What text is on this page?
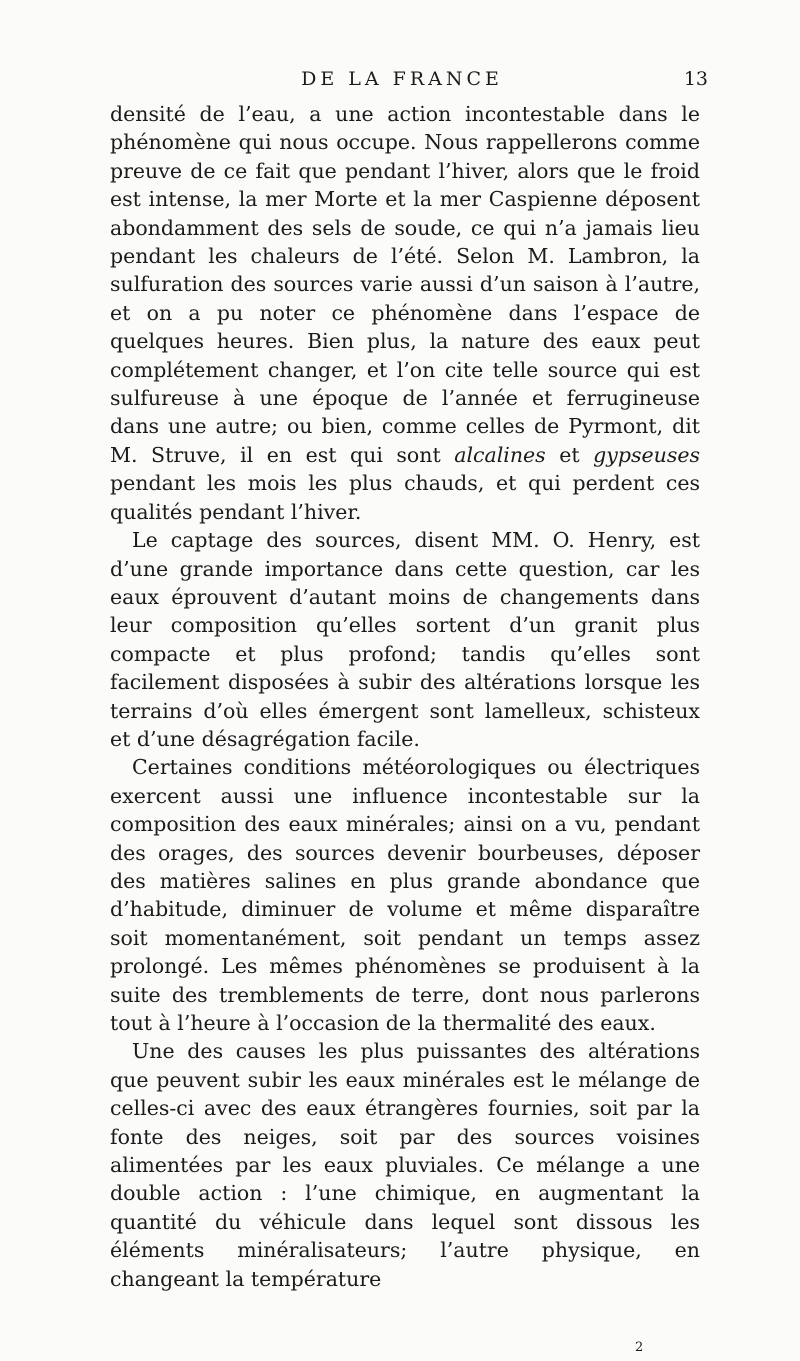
DE LA FRANCE	13

densité de l’eau, a une action incontestable dans le phénomène qui nous occupe. Nous rappellerons comme preuve de ce fait que pendant l’hiver, alors que le froid est intense, la mer Morte et la mer Caspienne déposent abondamment des sels de soude, ce qui n’a jamais lieu pendant les chaleurs de l’été. Selon M. Lambron, la sulfuration des sources varie aussi d’un saison à l’autre, et on a pu noter ce phénomène dans l’espace de quelques heures. Bien plus, la nature des eaux peut complétement changer, et l’on cite telle source qui est sulfureuse à une époque de l’année et ferrugineuse dans une autre; ou bien, comme celles de Pyrmont, dit M. Struve, il en est qui sont alcalines et gypseuses pendant les mois les plus chauds, et qui perdent ces qualités pendant l’hiver.

Le captage des sources, disent MM. O. Henry, est d’une grande importance dans cette question, car les eaux éprouvent d’autant moins de changements dans leur composition qu’elles sortent d’un granit plus compacte et plus profond; tandis qu’elles sont facilement disposées à subir des altérations lorsque les terrains d’où elles émergent sont lamelleux, schisteux et d’une désagrégation facile.

Certaines conditions météorologiques ou électriques exercent aussi une influence incontestable sur la composition des eaux minérales; ainsi on a vu, pendant des orages, des sources devenir bourbeuses, déposer des matières salines en plus grande abondance que d’habitude, diminuer de volume et même disparaître soit momentanément, soit pendant un temps assez prolongé. Les mêmes phénomènes se produisent à la suite des tremblements de terre, dont nous parlerons tout à l’heure à l’occasion de la thermalité des eaux.

Une des causes les plus puissantes des altérations que peuvent subir les eaux minérales est le mélange de celles-ci avec des eaux étrangères fournies, soit par la fonte des neiges, soit par des sources voisines alimentées par les eaux pluviales. Ce mélange a une double action : l’une chimique, en augmentant la quantité du véhicule dans lequel sont dissous les éléments minéralisateurs; l’autre physique, en changeant la température

2
